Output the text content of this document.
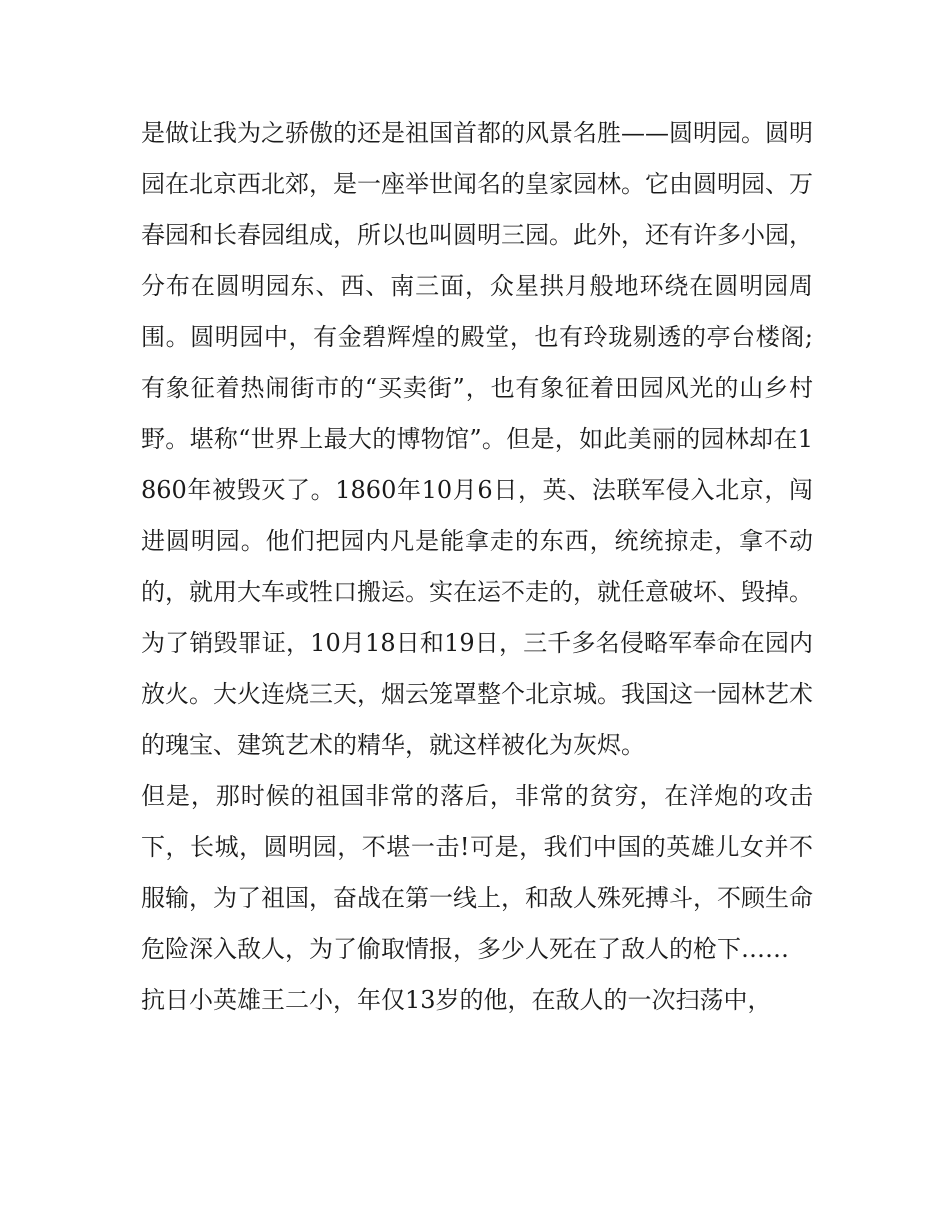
是做让我为之骄傲的还是祖国首都的风景名胜——圆明园。圆明园在北京西北郊，是一座举世闻名的皇家园林。它由圆明园、万春园和长春园组成，所以也叫圆明三园。此外，还有许多小园，分布在圆明园东、西、南三面，众星拱月般地环绕在圆明园周围。圆明园中，有金碧辉煌的殿堂，也有玲珑剔透的亭台楼阁;有象征着热闹街市的“买卖街”，也有象征着田园风光的山乡村野。堪称“世界上最大的博物馆”。但是，如此美丽的园林却在1860年被毁灭了。1860年10月6日，英、法联军侵入北京，闯进圆明园。他们把园内凡是能拿走的东西，统统掠走，拿不动的，就用大车或牲口搬运。实在运不走的，就任意破坏、毁掉。为了销毁罪证，10月18日和19日，三千多名侵略军奉命在园内放火。大火连烧三天，烟云笼罩整个北京城。我国这一园林艺术的瑰宝、建筑艺术的精华，就这样被化为灰烬。

但是，那时候的祖国非常的落后，非常的贫穷，在洋炮的攻击下，长城，圆明园，不堪一击!可是，我们中国的英雄儿女并不服输，为了祖国，奋战在第一线上，和敌人殊死搏斗，不顾生命危险深入敌人，为了偷取情报，多少人死在了敌人的枪下……

抗日小英雄王二小，年仅13岁的他，在敌人的一次扫荡中，
